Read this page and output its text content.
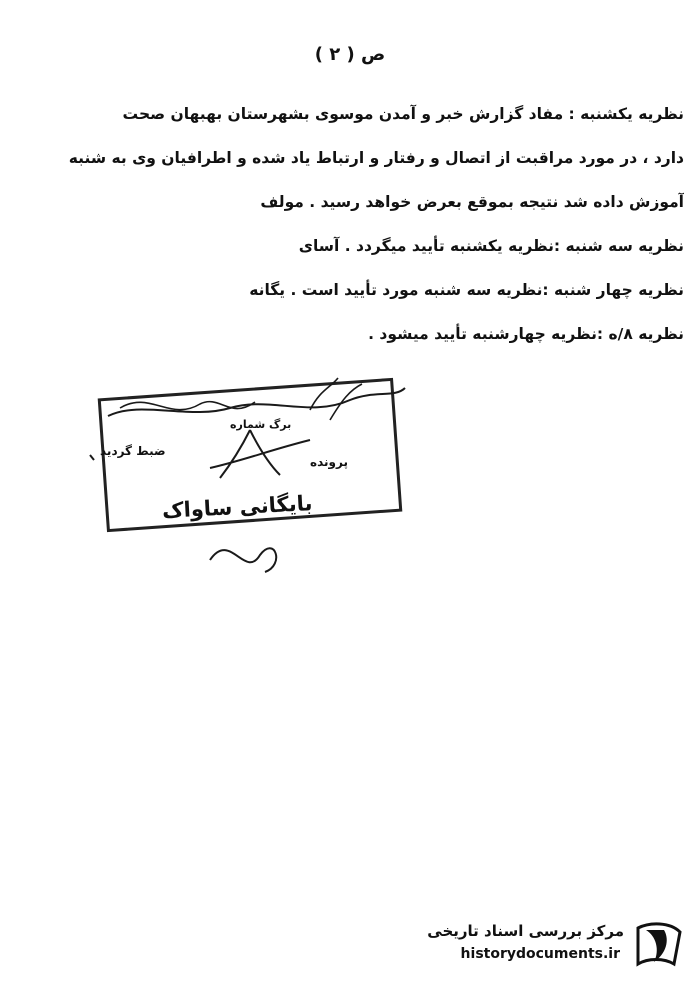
ص ( ۲ )
نظریه یکشنبه : مفاد گزارش خبر و آمدن موسوی بشهرستان بهبهان صحت
دارد ، در مورد مراقبت از اتصال و رفتار و ارتباط یاد شده و اطرافیان وی به شنبه
آموزش داده شد نتیجه بموقع بعرض خواهد رسید . مولف
نظریه سه شنبه :نظریه یکشنبه تأیید میگردد . آسای
نظریه چهار شنبه :نظریه سه شنبه مورد تأیید است . یگانه
نظریه ۸/ه :نظریه چهارشنبه تأیید میشود .
برگ شماره
ضبط گردید
پرونده
بایگانی ساواک
مرکز بررسی اسناد تاریخی
historydocuments.ir
